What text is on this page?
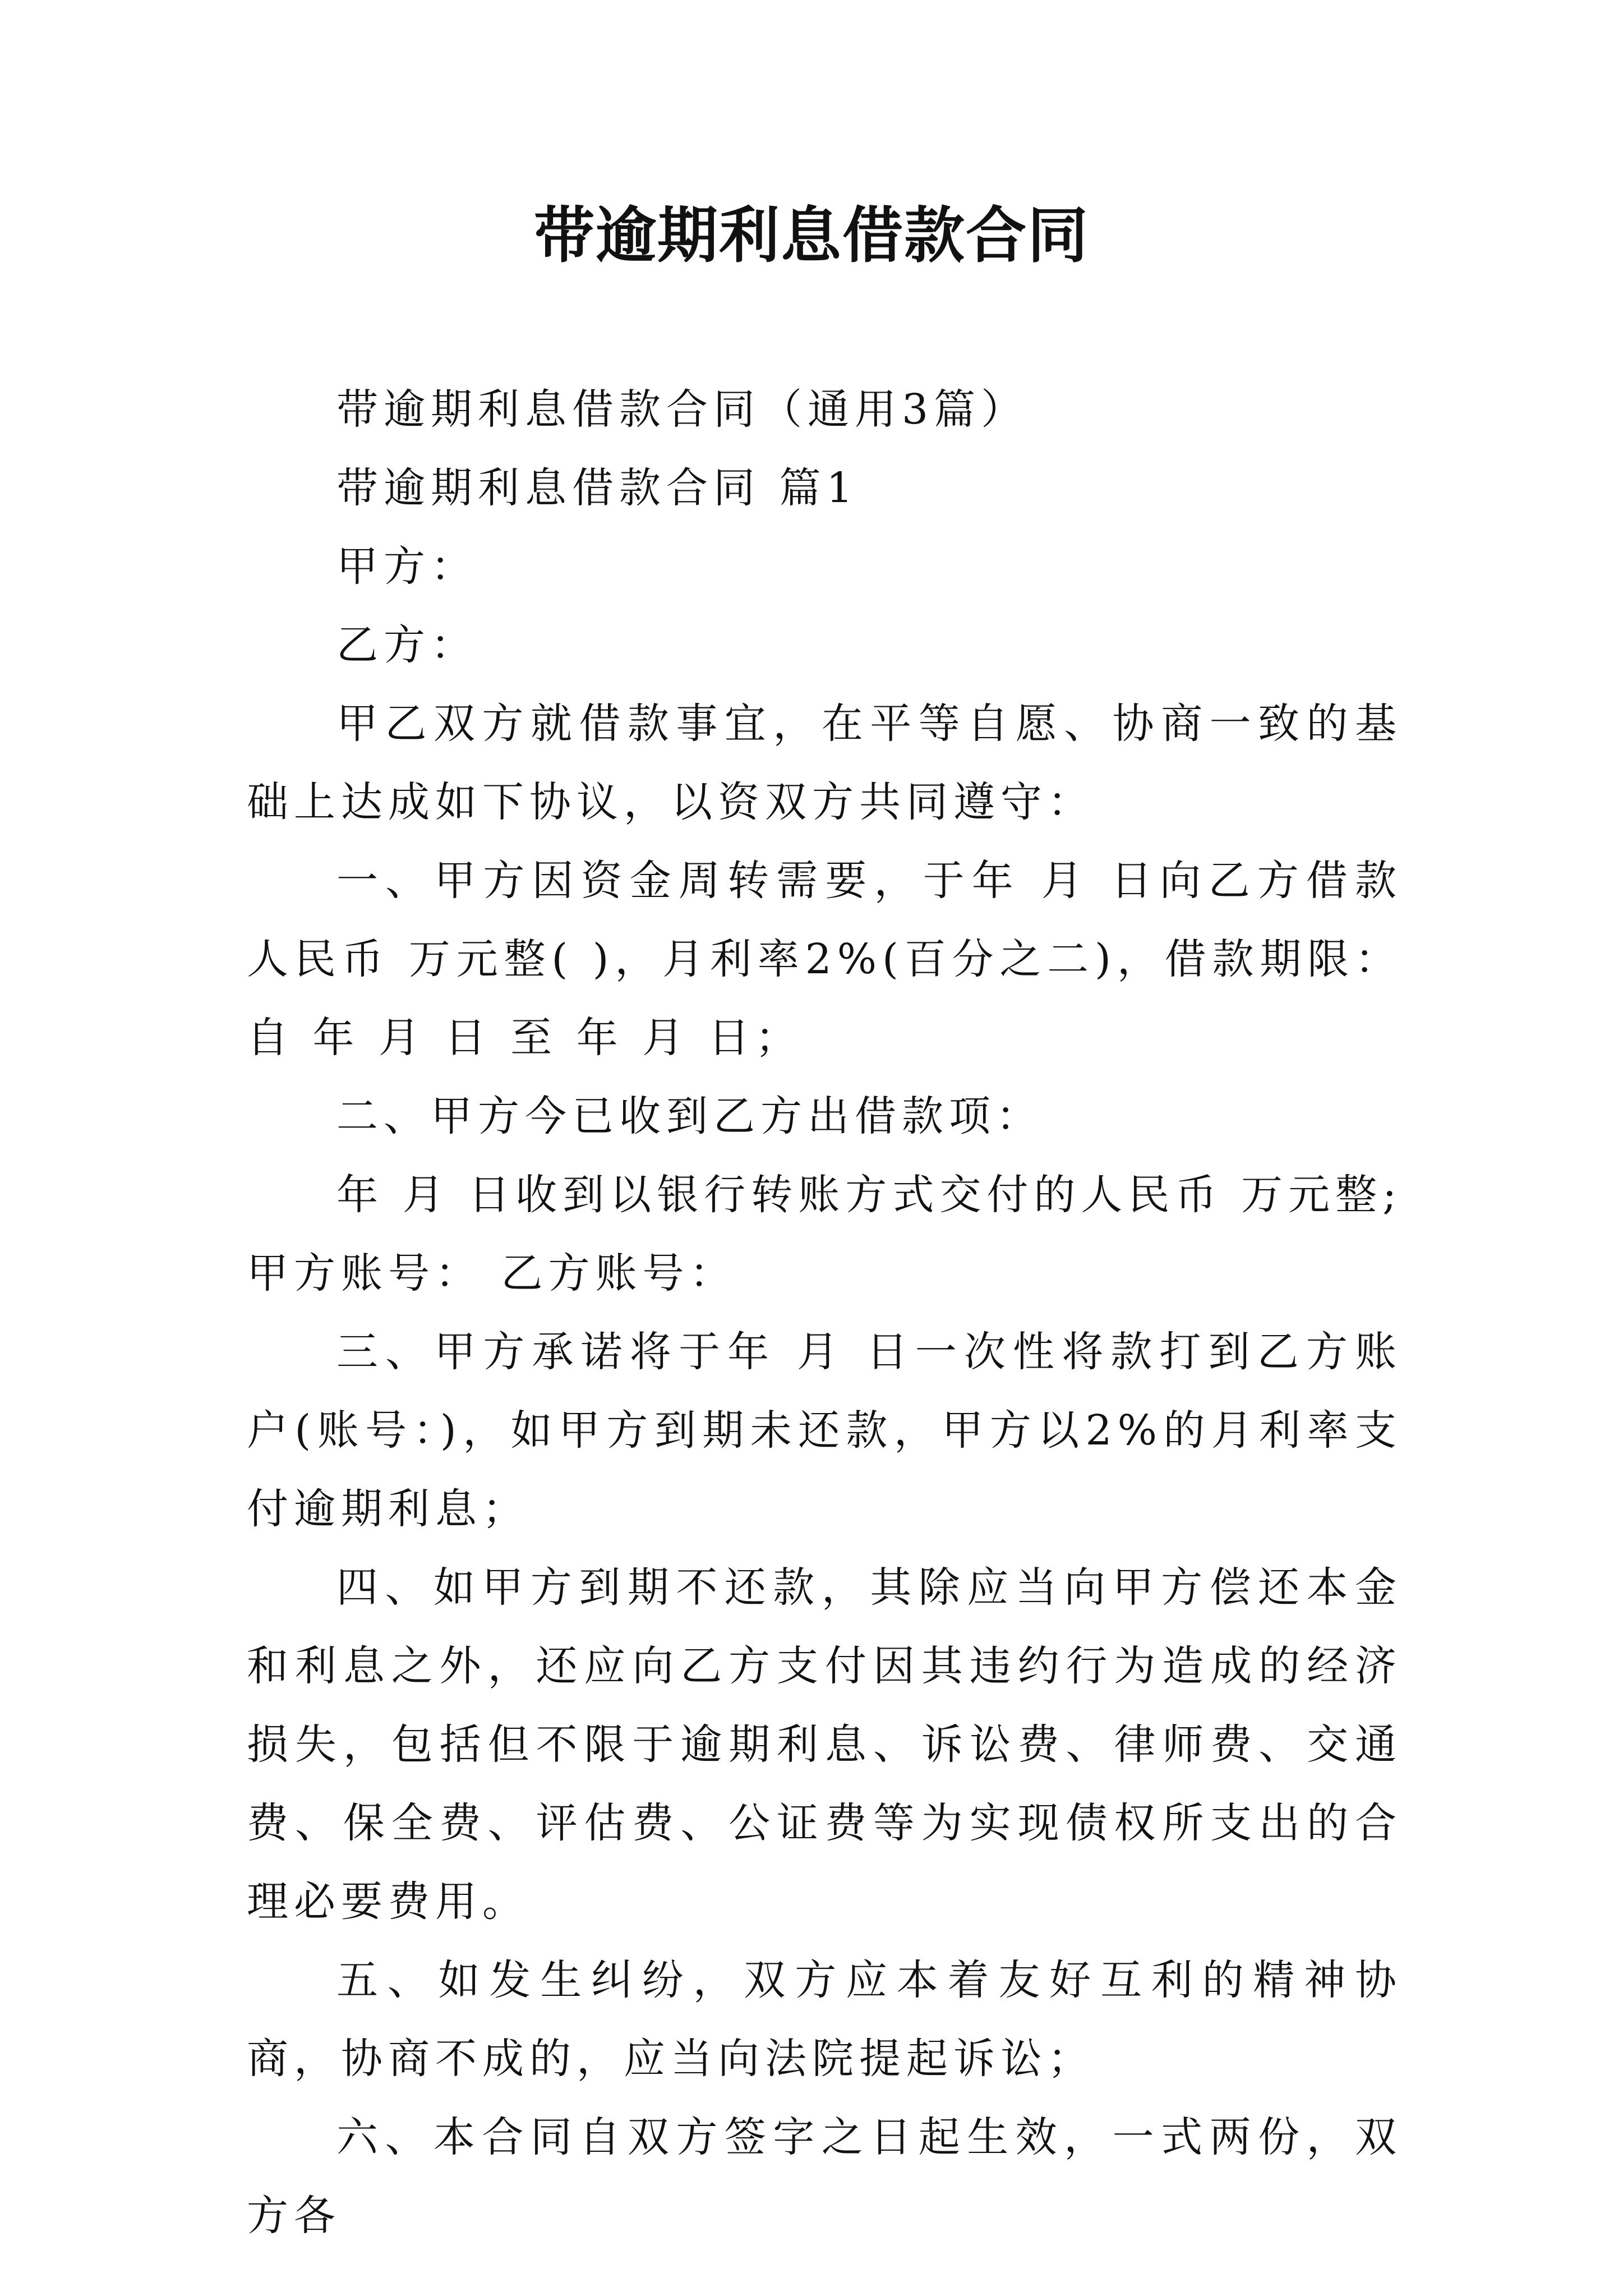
带逾期利息借款合同

带逾期利息借款合同（通用3篇）

带逾期利息借款合同 篇1

甲方：

乙方：

甲乙双方就借款事宜，在平等自愿、协商一致的基础上达成如下协议，以资双方共同遵守：

一、甲方因资金周转需要，于年 月 日向乙方借款人民币 万元整( )，月利率2%(百分之二)，借款期限：自 年 月 日 至 年 月 日；

二、甲方今已收到乙方出借款项：

年 月 日收到以银行转账方式交付的人民币 万元整;甲方账号： 乙方账号：

三、甲方承诺将于年 月 日一次性将款打到乙方账户(账号：)，如甲方到期未还款，甲方以2%的月利率支付逾期利息；

四、如甲方到期不还款，其除应当向甲方偿还本金和利息之外，还应向乙方支付因其违约行为造成的经济损失，包括但不限于逾期利息、诉讼费、律师费、交通费、保全费、评估费、公证费等为实现债权所支出的合理必要费用。

五、如发生纠纷，双方应本着友好互利的精神协商，协商不成的，应当向法院提起诉讼；

六、本合同自双方签字之日起生效，一式两份，双方各
